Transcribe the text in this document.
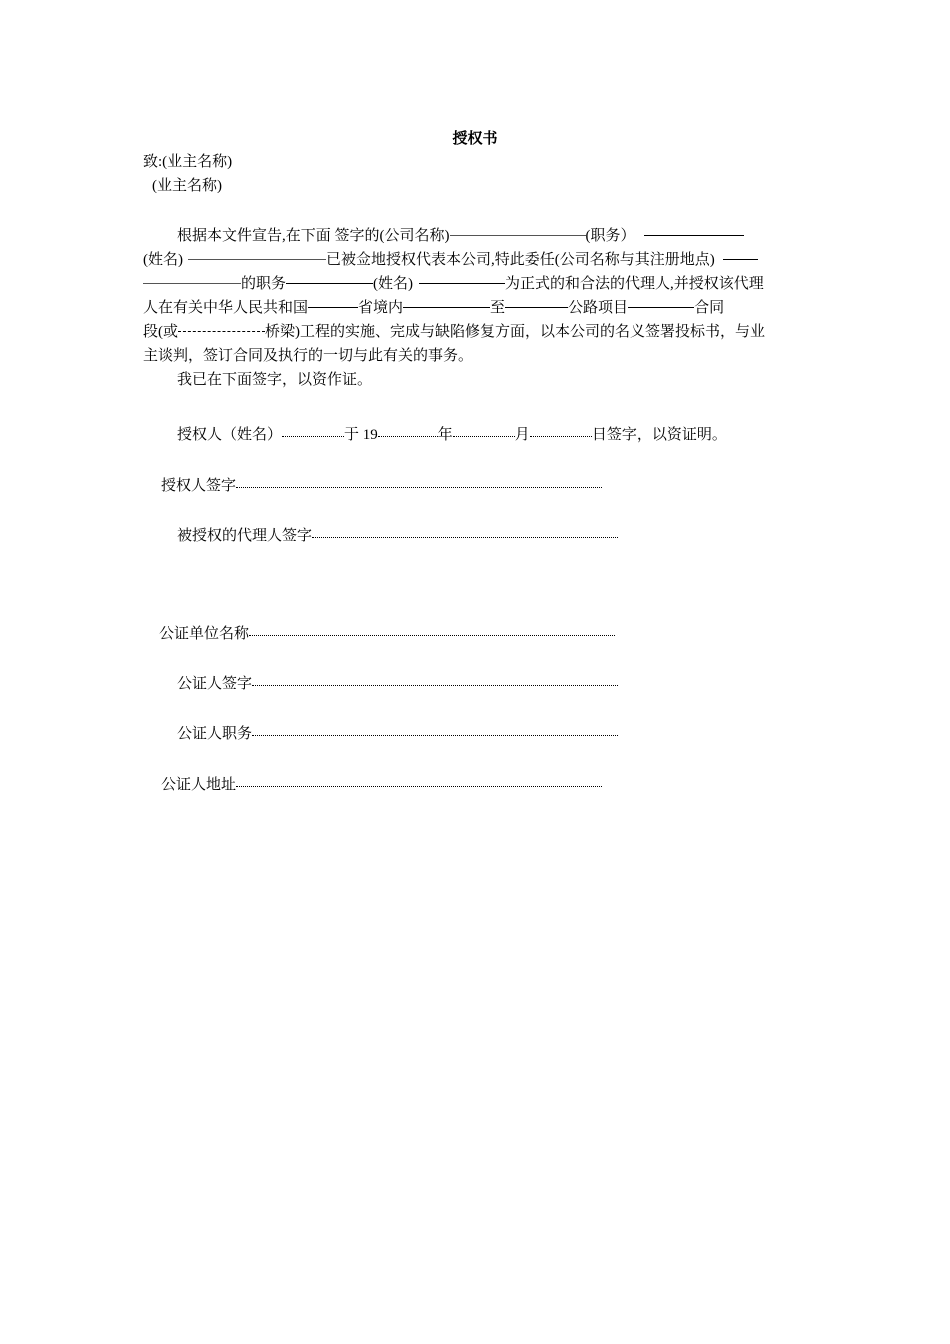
授权书
致:(业主名称)
(业主名称)
根据本文件宣告,在下面 签字的(公司名称)	(职务）
(姓名)	已被佥地授权代表本公司,特此委任(公司名称与其注册地点)
的职务	(姓名)	为正式的和合法的代理人,并授权该代理
人在有关中华人民共和国	省境内	至	公路项目	合同
段(或	桥梁)工程的实施、完成与缺陷修复方面，以本公司的名义签署投标书，与业
主谈判，签订合同及执行的一切与此有关的事务。
我已在下面签字，以资作证。
授权人（姓名）	于 19	年	月	日签字，以资证明。
授权人签字
被授权的代理人签字
公证单位名称
公证人签字
公证人职务
公证人地址
